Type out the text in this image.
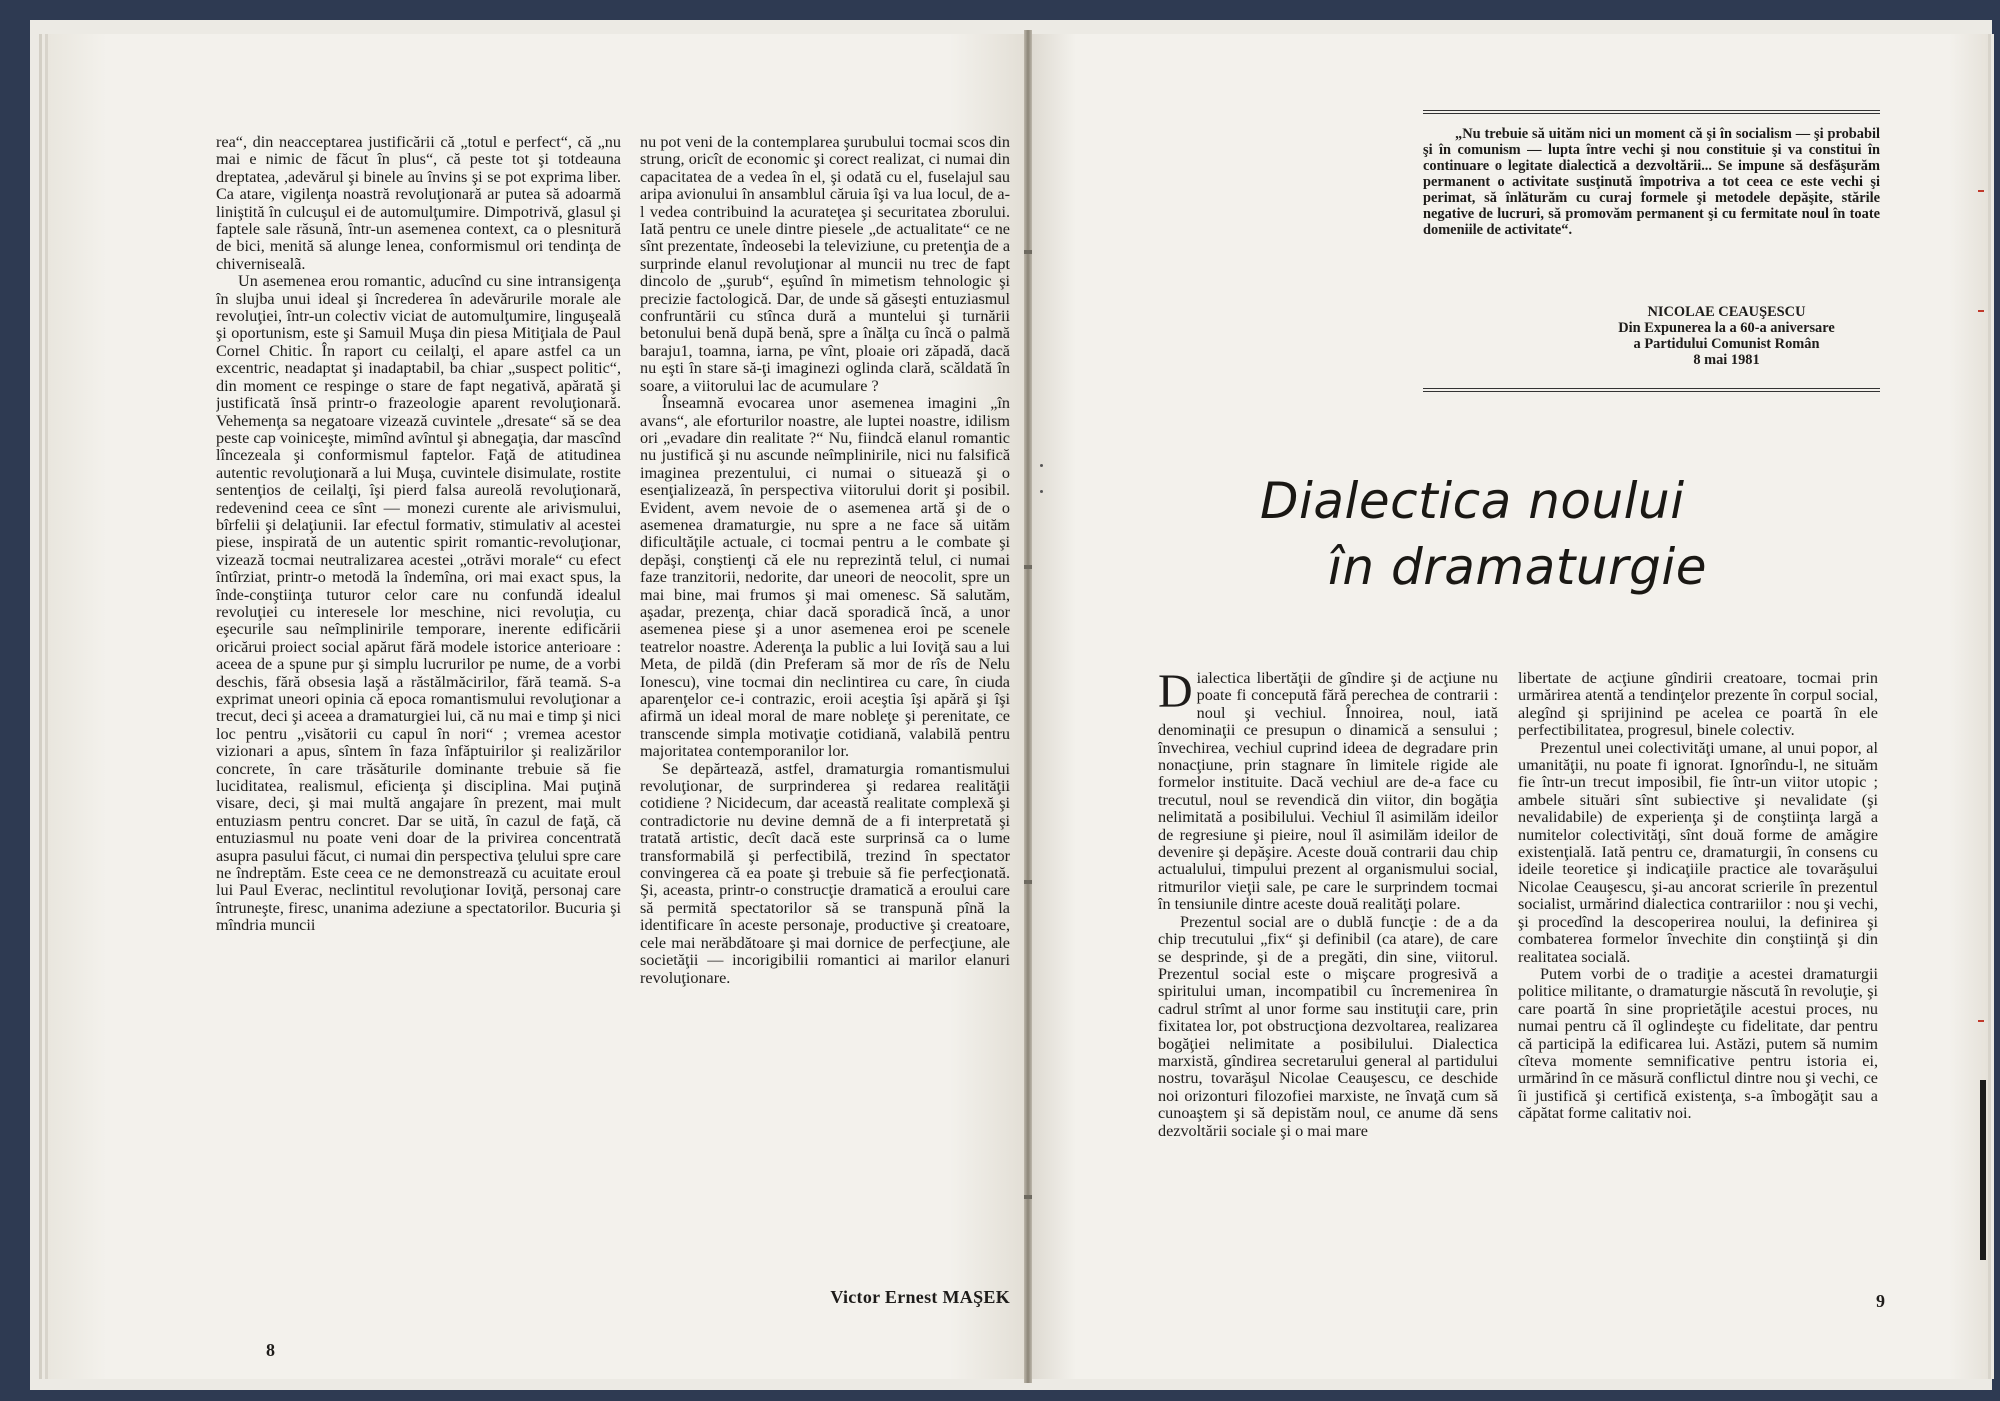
rea“, din neacceptarea justificării că „totul e perfect“, că „nu mai e nimic de făcut în plus“, că peste tot şi totdeauna dreptatea, ,adevărul şi binele au învins şi se pot exprima liber. Ca atare, vigilenţa noastră revoluţionară ar putea să adoarmă liniştită în culcuşul ei de automulţumire. Dimpotrivă, glasul şi faptele sale răsună, într-un asemenea context, ca o plesnitură de bici, menită să alunge lenea, conformismul ori tendinţa de chivernisealã.

Un asemenea erou romantic, aducînd cu sine intransigenţa în slujba unui ideal şi încrederea în adevărurile morale ale revoluţiei, într-un colectiv viciat de automulţumire, linguşeală şi oportunism, este şi Samuil Muşa din piesa Mitiţiala de Paul Cornel Chitic. În raport cu ceilalţi, el apare astfel ca un excentric, neadaptat şi inadaptabil, ba chiar „suspect politic“, din moment ce respinge o stare de fapt negativă, apărată şi justificată însă printr-o frazeologie aparent revoluţionară. Vehemenţa sa negatoare vizează cuvintele „dresate“ să se dea peste cap voiniceşte, mimînd avîntul şi abnegaţia, dar mascînd lîncezeala şi conformismul faptelor. Faţă de atitudinea autentic revoluţionară a lui Muşa, cuvintele disimulate, rostite sentenţios de ceilalţi, îşi pierd falsa aureolă revoluţionară, redevenind ceea ce sînt — monezi curente ale arivismului, bîrfelii şi delaţiunii. Iar efectul formativ, stimulativ al acestei piese, inspirată de un autentic spirit romantic-revoluţionar, vizează tocmai neutralizarea acestei „otrăvi morale“ cu efect întîrziat, printr-o metodă la îndemîna, ori mai exact spus, la înde-conştiinţa tuturor celor care nu confundă idealul revoluţiei cu interesele lor meschine, nici revoluţia, cu eşecurile sau neîmplinirile temporare, inerente edificării oricărui proiect social apărut fără modele istorice anterioare : aceea de a spune pur şi simplu lucrurilor pe nume, de a vorbi deschis, fără obsesia laşă a răstălmăcirilor, fără teamă. S-a exprimat uneori opinia că epoca romantismului revoluţionar a trecut, deci şi aceea a dramaturgiei lui, că nu mai e timp şi nici loc pentru „visătorii cu capul în nori“ ; vremea acestor vizionari a apus, sîntem în faza înfăptuirilor şi realizărilor concrete, în care trăsăturile dominante trebuie să fie luciditatea, realismul, eficienţa şi disciplina. Mai puţină visare, deci, şi mai multă angajare în prezent, mai mult entuziasm pentru concret. Dar se uită, în cazul de faţă, că entuziasmul nu poate veni doar de la privirea concentrată asupra pasului făcut, ci numai din perspectiva ţelului spre care ne îndreptăm. Este ceea ce ne demonstrează cu acuitate eroul lui Paul Everac, neclintitul revoluţionar Ioviţă, personaj care întruneşte, firesc, unanima adeziune a spectatorilor. Bucuria şi mîndria muncii

nu pot veni de la contemplarea şurubului tocmai scos din strung, oricît de economic şi corect realizat, ci numai din capacitatea de a vedea în el, şi odată cu el, fuselajul sau aripa avionului în ansamblul căruia îşi va lua locul, de a-l vedea contribuind la acurateţea şi securitatea zborului. Iată pentru ce unele dintre piesele „de actualitate“ ce ne sînt prezentate, îndeosebi la televiziune, cu pretenţia de a surprinde elanul revoluţionar al muncii nu trec de fapt dincolo de „şurub“, eşuînd în mimetism tehnologic şi precizie factologică. Dar, de unde să găseşti entuziasmul confruntării cu stînca dură a muntelui şi turnării betonului benă după benă, spre a înălţa cu încă o palmă baraju1, toamna, iarna, pe vînt, ploaie ori zăpadă, dacă nu eşti în stare să-ţi imaginezi oglinda clară, scăldată în soare, a viitorului lac de acumulare ?

Înseamnă evocarea unor asemenea imagini „în avans“, ale eforturilor noastre, ale luptei noastre, idilism ori „evadare din realitate ?“ Nu, fiindcă elanul romantic nu justifică şi nu ascunde neîmplinirile, nici nu falsifică imaginea prezentului, ci numai o situează şi o esenţializează, în perspectiva viitorului dorit şi posibil. Evident, avem nevoie de o asemenea artă şi de o asemenea dramaturgie, nu spre a ne face să uităm dificultăţile actuale, ci tocmai pentru a le combate şi depăşi, conştienţi că ele nu reprezintă telul, ci numai faze tranzitorii, nedorite, dar uneori de neocolit, spre un mai bine, mai frumos şi mai omenesc. Să salutăm, aşadar, prezenţa, chiar dacă sporadică încă, a unor asemenea piese şi a unor asemenea eroi pe scenele teatrelor noastre. Aderenţa la public a lui Ioviţă sau a lui Meta, de pildă (din Preferam să mor de rîs de Nelu Ionescu), vine tocmai din neclintirea cu care, în ciuda aparenţelor ce-i contrazic, eroii aceştia îşi apără şi îşi afirmă un ideal moral de mare nobleţe şi perenitate, ce transcende simpla motivaţie cotidiană, valabilă pentru majoritatea contemporanilor lor.

Se depărtează, astfel, dramaturgia romantismului revoluţionar, de surprinderea şi redarea realităţii cotidiene ? Nicidecum, dar această realitate complexă şi contradictorie nu devine demnă de a fi interpretată şi tratată artistic, decît dacă este surprinsă ca o lume transformabilă şi perfectibilă, trezind în spectator convingerea că ea poate şi trebuie să fie perfecţionată. Şi, aceasta, printr-o construcţie dramatică a eroului care să permită spectatorilor să se transpună pînă la identificare în aceste personaje, productive şi creatoare, cele mai nerăbdătoare şi mai dornice de perfecţiune, ale societăţii — incorigibilii romantici ai marilor elanuri revoluţionare.

Victor Ernest MAŞEK
8
„Nu trebuie să uităm nici un moment că şi în socialism — şi probabil şi în comunism — lupta între vechi şi nou constituie şi va constitui în continuare o legitate dialectică a dezvoltării... Se impune să desfăşurăm permanent o activitate susţinută împotriva a tot ceea ce este vechi şi perimat, să înlăturăm cu curaj formele şi metodele depăşite, stările negative de lucruri, să promovăm permanent şi cu fermitate noul în toate domeniile de activitate“.
NICOLAE CEAUŞESCU
Din Expunerea la a 60-a aniversare
a Partidului Comunist Român
8 mai 1981
Dialectica noului
în dramaturgie

Dialectica libertăţii de gîndire şi de acţiune nu poate fi concepută fără perechea de contrarii : noul şi vechiul. Înnoirea, noul, iată denominaţii ce presupun o dinamică a sensului ; învechirea, vechiul cuprind ideea de degradare prin nonacţiune, prin stagnare în limitele rigide ale formelor instituite. Dacă vechiul are de-a face cu trecutul, noul se revendică din viitor, din bogăţia nelimitată a posibilului. Vechiul îl asimilăm ideilor de regresiune şi pieire, noul îl asimilăm ideilor de devenire şi depăşire. Aceste două contrarii dau chip actualului, timpului prezent al organismului social, ritmurilor vieţii sale, pe care le surprindem tocmai în tensiunile dintre aceste două realităţi polare.

Prezentul social are o dublă funcţie : de a da chip trecutului „fix“ şi definibil (ca atare), de care se desprinde, şi de a pregăti, din sine, viitorul. Prezentul social este o mişcare progresivă a spiritului uman, incompatibil cu încremenirea în cadrul strîmt al unor forme sau instituţii care, prin fixitatea lor, pot obstrucţiona dezvoltarea, realizarea bogăţiei nelimitate a posibilului. Dialectica marxistă, gîndirea secretarului general al partidului nostru, tovarăşul Nicolae Ceauşescu, ce deschide noi orizonturi filozofiei marxiste, ne învaţă cum să cunoaştem şi să depistăm noul, ce anume dă sens dezvoltării sociale şi o mai mare

libertate de acţiune gîndirii creatoare, tocmai prin urmărirea atentă a tendinţelor prezente în corpul social, alegînd şi sprijinind pe acelea ce poartă în ele perfectibilitatea, progresul, binele colectiv.

Prezentul unei colectivităţi umane, al unui popor, al umanităţii, nu poate fi ignorat. Ignorîndu-l, ne situăm fie într-un trecut imposibil, fie într-un viitor utopic ; ambele situări sînt subiective şi nevalidate (şi nevalidabile) de experienţa şi de conştiinţa largă a numitelor colectivităţi, sînt două forme de amăgire existenţială. Iată pentru ce, dramaturgii, în consens cu ideile teoretice şi indicaţiile practice ale tovarăşului Nicolae Ceauşescu, şi-au ancorat scrierile în prezentul socialist, urmărind dialectica contrariilor : nou şi vechi, şi procedînd la descoperirea noului, la definirea şi combaterea formelor învechite din conştiinţă şi din realitatea socială.

Putem vorbi de o tradiţie a acestei dramaturgii politice militante, o dramaturgie născută în revoluţie, şi care poartă în sine proprietăţile acestui proces, nu numai pentru că îl oglindeşte cu fidelitate, dar pentru că participă la edificarea lui. Astăzi, putem să numim cîteva momente semnificative pentru istoria ei, urmărind în ce măsură conflictul dintre nou şi vechi, ce îi justifică şi certifică existenţa, s-a îmbogăţit sau a căpătat forme calitativ noi.

9
